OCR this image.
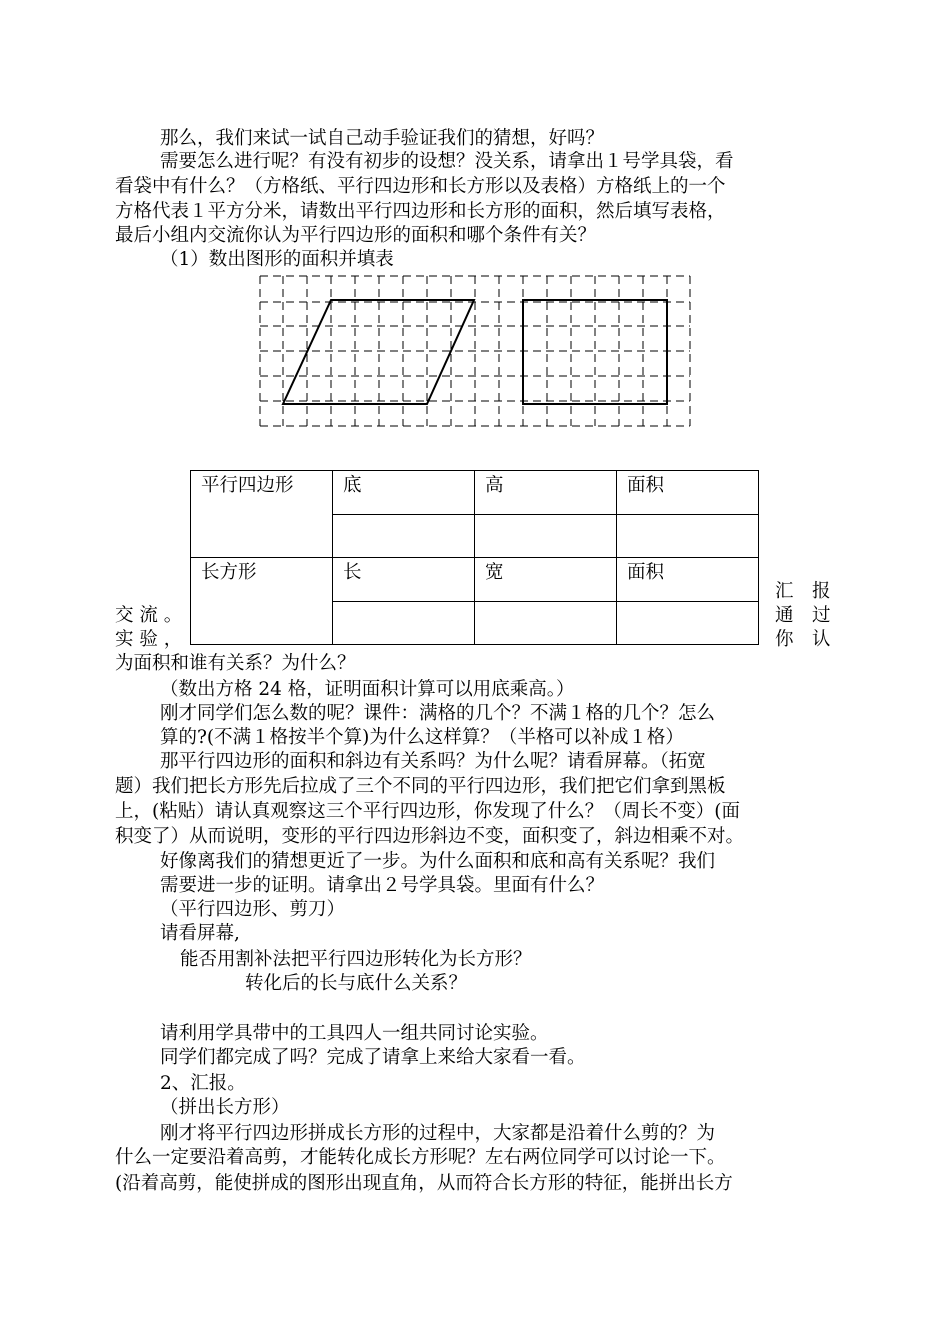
那么，我们来试一试自己动手验证我们的猜想，好吗？
需要怎么进行呢？有没有初步的设想？没关系，请拿出１号学具袋，看
看袋中有什么？（方格纸、平行四边形和长方形以及表格）方格纸上的一个
方格代表１平方分米，请数出平行四边形和长方形的面积，然后填写表格，
最后小组内交流你认为平行四边形的面积和哪个条件有关？
（1）数出图形的面积并填表
平行四边形	底	高	面积

长方形	长	宽	面积

交 流 。
实 验 ，
汇　报
通　过
你　认
为面积和谁有关系？为什么？
（数出方格 24 格，证明面积计算可以用底乘高。）
刚才同学们怎么数的呢？课件：满格的几个？不满１格的几个？怎么
算的?(不满１格按半个算)为什么这样算？（半格可以补成１格）
那平行四边形的面积和斜边有关系吗？为什么呢？请看屏幕。（拓宽
题）我们把长方形先后拉成了三个不同的平行四边形，我们把它们拿到黑板
上，(粘贴）请认真观察这三个平行四边形，你发现了什么？（周长不变）(面
积变了）从而说明，变形的平行四边形斜边不变，面积变了，斜边相乘不对。
好像离我们的猜想更近了一步。为什么面积和底和高有关系呢？我们
需要进一步的证明。请拿出２号学具袋。里面有什么？
（平行四边形、剪刀）
请看屏幕,
能否用割补法把平行四边形转化为长方形？
转化后的长与底什么关系？
请利用学具带中的工具四人一组共同讨论实验。
同学们都完成了吗？完成了请拿上来给大家看一看。
2、汇报。
（拼出长方形）
刚才将平行四边形拼成长方形的过程中，大家都是沿着什么剪的？为
什么一定要沿着高剪，才能转化成长方形呢？左右两位同学可以讨论一下。
(沿着高剪，能使拼成的图形出现直角，从而符合长方形的特征，能拼出长方
